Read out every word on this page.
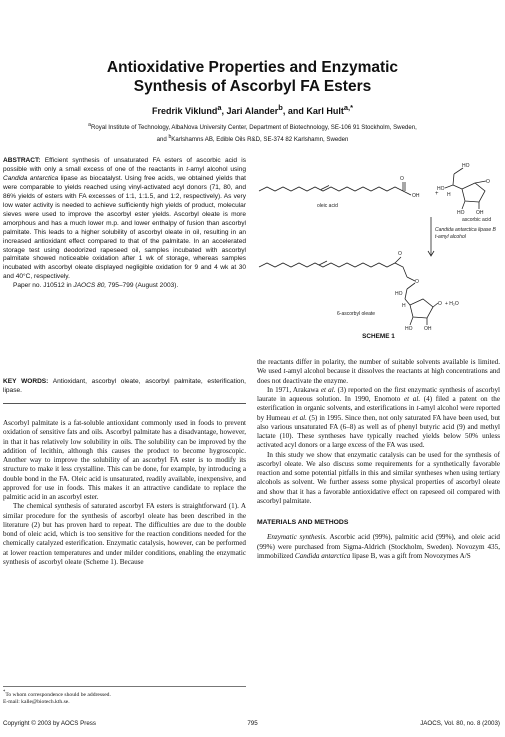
Antioxidative Properties and Enzymatic
Synthesis of Ascorbyl FA Esters
Fredrik Viklund$^a$, Jari Alander$^b$, and Karl Hult$^{a,*}$
$^a$Royal Institute of Technology, AlbaNova University Center, Department of Biotechnology, SE-106 91 Stockholm, Sweden,
and $^b$Karlshamns AB, Edible Oils R&D, SE-374 82 Karlshamn, Sweden

ABSTRACT: Efficient synthesis of unsaturated FA esters of ascorbic acid is possible with only a small excess of one of the reactants in t-amyl alcohol using Candida antarctica lipase as biocatalyst. Using free acids, we obtained yields that were comparable to yields reached using vinyl-activated acyl donors (71, 80, and 86% yields of esters with FA excesses of 1:1, 1:1.5, and 1:2, respectively). As very low water activity is needed to achieve sufficiently high yields of product, molecular sieves were used to improve the ascorbyl ester yields. Ascorbyl oleate is more amorphous and has a much lower m.p. and lower enthalpy of fusion than ascorbyl palmitate. This leads to a higher solubility of ascorbyl oleate in oil, resulting in an increased antioxidant effect compared to that of the palmitate. In an accelerated storage test using deodorized rapeseed oil, samples incubated with ascorbyl palmitate showed noticeable oxidation after 1 wk of storage, whereas samples incubated with ascorbyl oleate displayed negligible oxidation for 9 and 4 wk at 30 and 40°C, respectively.

Paper no. J10512 in JAOCS 80, 795–799 (August 2003).

KEY WORDS: Antioxidant, ascorbyl oleate, ascorbyl palmitate, esterification, lipase.

Ascorbyl palmitate is a fat-soluble antioxidant commonly used in foods to prevent oxidation of sensitive fats and oils. Ascorbyl palmitate has a disadvantage, however, in that it has relatively low solubility in oils. The solubility can be improved by the addition of lecithin, although this causes the product to become hygroscopic. Another way to improve the solubility of an ascorbyl FA ester is to modify its structure to make it less crystalline. This can be done, for example, by introducing a double bond in the FA. Oleic acid is unsaturated, readily available, inexpensive, and approved for use in foods. This makes it an attractive candidate to replace the palmitic acid in an ascorbyl ester.

The chemical synthesis of saturated ascorbyl FA esters is straightforward (1). A similar procedure for the synthesis of ascorbyl oleate has been described in the literature (2) but has proven hard to repeat. The difficulties are due to the double bond of oleic acid, which is too sensitive for the reaction conditions needed for the chemically catalyzed esterification. Enzymatic catalysis, however, can be performed at lower reaction temperatures and under milder conditions, enabling the enzymatic synthesis of ascorbyl oleate (Scheme 1). Because

*To whom correspondence should be addressed.
E-mail: kalle@biotech.kth.se.
O
OH	+
HO
HO
H
O
HO OH
O
O
HO
H	O
HO OH
oleic acid
ascorbic acid
Candida antarctica lipase B
t-amyl alcohol
6-ascorbyl oleate
+ H₂O
SCHEME 1

the reactants differ in polarity, the number of suitable solvents available is limited. We used t-amyl alcohol because it dissolves the reactants at high concentrations and does not deactivate the enzyme.

In 1971, Arakawa et al. (3) reported on the first enzymatic synthesis of ascorbyl laurate in aqueous solution. In 1990, Enomoto et al. (4) filed a patent on the esterification in organic solvents, and esterifications in t-amyl alcohol were reported by Humeau et al. (5) in 1995. Since then, not only saturated FA have been used, but also various unsaturated FA (6–8) as well as of phenyl butyric acid (9) and methyl lactate (10). These syntheses have typically reached yields below 50% unless activated acyl donors or a large excess of the FA was used.

In this study we show that enzymatic catalysis can be used for the synthesis of ascorbyl oleate. We also discuss some requirements for a synthetically favorable reaction and some potential pitfalls in this and similar syntheses when using tertiary alcohols as solvent. We further assess some physical properties of ascorbyl oleate and show that it has a favorable antioxidative effect on rapeseed oil compared with ascorbyl palmitate.

MATERIALS AND METHODS

Enzymatic synthesis. Ascorbic acid (99%), palmitic acid (99%), and oleic acid (99%) were purchased from Sigma-Aldrich (Stockholm, Sweden). Novozym 435, immobilized Candida antarctica lipase B, was a gift from Novozymes A/S

Copyright © 2003 by AOCS Press	795	JAOCS, Vol. 80, no. 8 (2003)
